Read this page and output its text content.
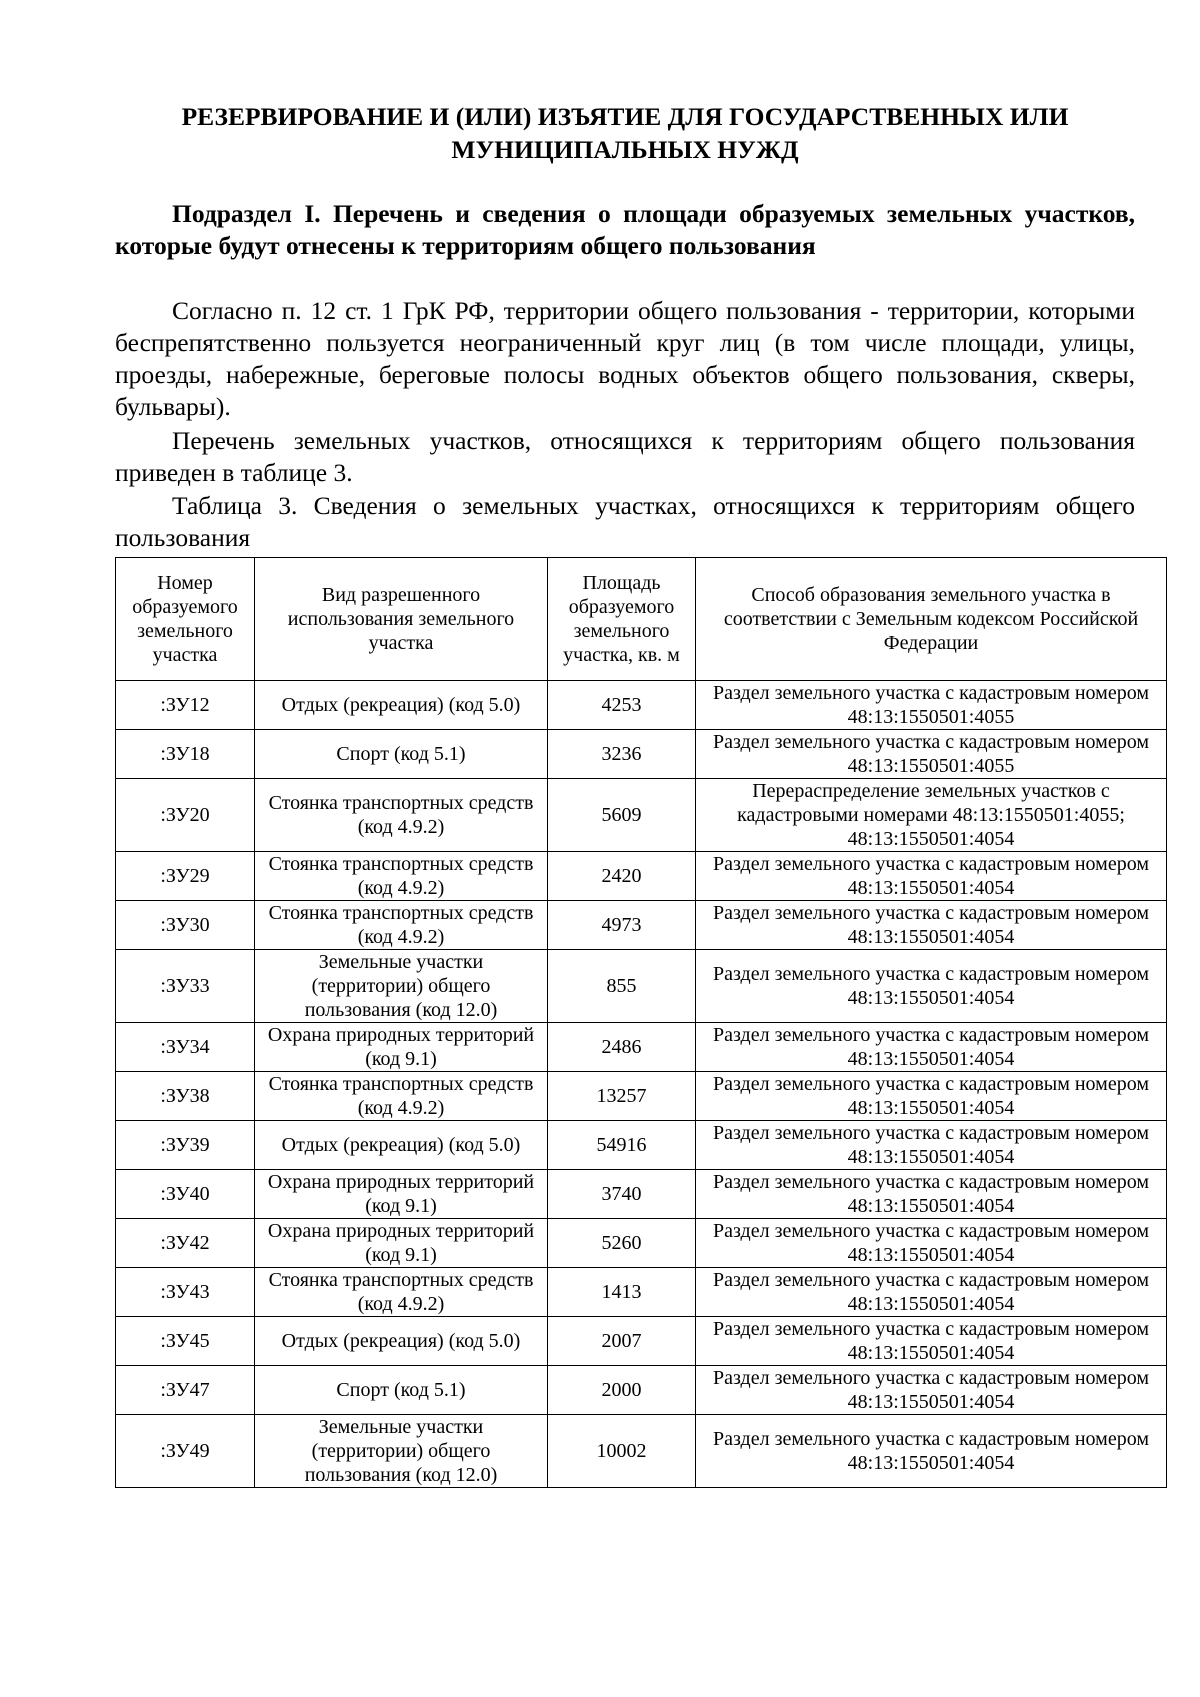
РЕЗЕРВИРОВАНИЕ И (ИЛИ) ИЗЪЯТИЕ ДЛЯ ГОСУДАРСТВЕННЫХ ИЛИ МУНИЦИПАЛЬНЫХ НУЖД

Подраздел I. Перечень и сведения о площади образуемых земельных участков, которые будут отнесены к территориям общего пользования

Согласно п. 12 ст. 1 ГрК РФ, территории общего пользования - территории, которыми беспрепятственно пользуется неограниченный круг лиц (в том числе площади, улицы, проезды, набережные, береговые полосы водных объектов общего пользования, скверы, бульвары).

Перечень земельных участков, относящихся к территориям общего пользования приведен в таблице 3.

Таблица 3. Сведения о земельных участках, относящихся к территориям общего пользования

Номер образуемого земельного участка	Вид разрешенного использования земельного участка	Площадь образуемого земельного участка, кв. м	Способ образования земельного участка в соответствии с Земельным кодексом Российской Федерации
:ЗУ12	Отдых (рекреация) (код 5.0)	4253	Раздел земельного участка с кадастровым номером 48:13:1550501:4055
:ЗУ18	Спорт (код 5.1)	3236	Раздел земельного участка с кадастровым номером 48:13:1550501:4055
:ЗУ20	Стоянка транспортных средств (код 4.9.2)	5609	Перераспределение земельных участков с кадастровыми номерами 48:13:1550501:4055; 48:13:1550501:4054
:ЗУ29	Стоянка транспортных средств (код 4.9.2)	2420	Раздел земельного участка с кадастровым номером 48:13:1550501:4054
:ЗУ30	Стоянка транспортных средств (код 4.9.2)	4973	Раздел земельного участка с кадастровым номером 48:13:1550501:4054
:ЗУ33	Земельные участки (территории) общего пользования (код 12.0)	855	Раздел земельного участка с кадастровым номером 48:13:1550501:4054
:ЗУ34	Охрана природных территорий (код 9.1)	2486	Раздел земельного участка с кадастровым номером 48:13:1550501:4054
:ЗУ38	Стоянка транспортных средств (код 4.9.2)	13257	Раздел земельного участка с кадастровым номером 48:13:1550501:4054
:ЗУ39	Отдых (рекреация) (код 5.0)	54916	Раздел земельного участка с кадастровым номером 48:13:1550501:4054
:ЗУ40	Охрана природных территорий (код 9.1)	3740	Раздел земельного участка с кадастровым номером 48:13:1550501:4054
:ЗУ42	Охрана природных территорий (код 9.1)	5260	Раздел земельного участка с кадастровым номером 48:13:1550501:4054
:ЗУ43	Стоянка транспортных средств (код 4.9.2)	1413	Раздел земельного участка с кадастровым номером 48:13:1550501:4054
:ЗУ45	Отдых (рекреация) (код 5.0)	2007	Раздел земельного участка с кадастровым номером 48:13:1550501:4054
:ЗУ47	Спорт (код 5.1)	2000	Раздел земельного участка с кадастровым номером 48:13:1550501:4054
:ЗУ49	Земельные участки (территории) общего пользования (код 12.0)	10002	Раздел земельного участка с кадастровым номером 48:13:1550501:4054
